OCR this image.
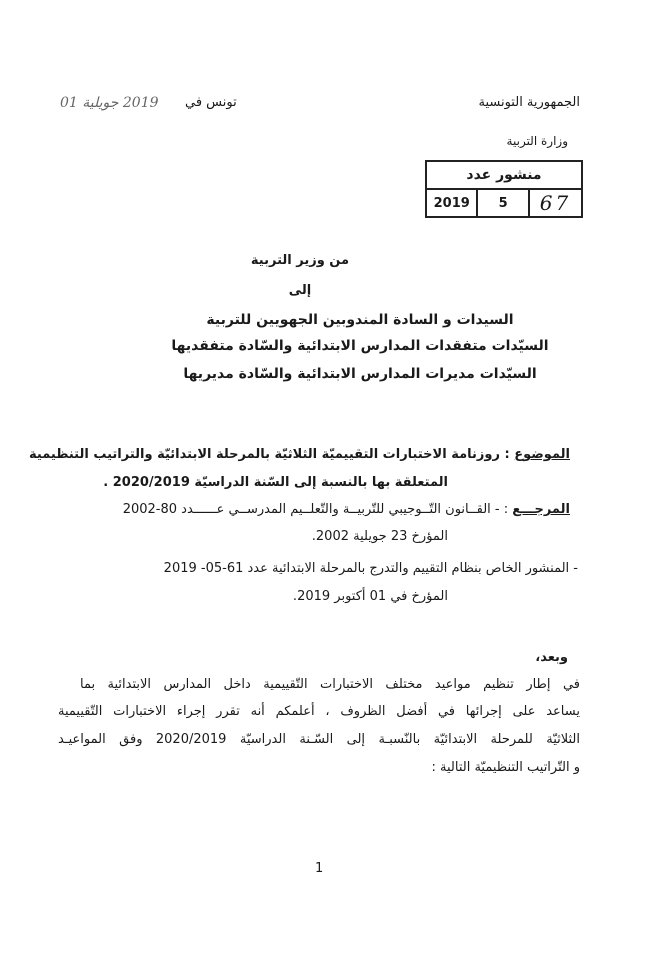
الجمهورية التونسية
تونس في
2019 جويلية 01
وزارة التربية
منشور عدد
2019	5	67
من وزير التربية
إلى
السيدات و السادة المندوبين الجهويين للتربية
السيّدات متفقدات المدارس الابتدائية والسّادة متفقديها
السيّدات مديرات المدارس الابتدائية والسّادة مديريها
الموضوع : روزنامة الاختبارات التقييميّة الثلاثيّة بالمرحلة الابتدائيّة والتراتيب التنظيمية
المتعلقة بها بالنسبة إلى السّنة الدراسيّة 2020/2019 .
المرجـــع : - القــانون التّــوجيبي للتّربيــة والتّعلــيم المدرســي عــــــدد 80-2002
المؤرخ 23 جويلية 2002.
- المنشور الخاص بنظام التقييم والتدرج بالمرحلة الابتدائية عدد 61-05- 2019
المؤرخ في 01 أكتوبر 2019.
وبعد،
في إطار تنظيم مواعيد مختلف الاختبارات التّقييمية داخل المدارس الابتدائية بما
يساعد على إجرائها في أفضل الظروف ، أعلمكم أنه تقرر إجراء الاختبارات التّقييمية
الثلاثيّة للمرحلة الابتدائيّة بالنّسبـة إلى السّـنة الدراسيّة 2020/2019 وفق المواعيـد
و التّراتيب التنظيميّة التالية :
1
